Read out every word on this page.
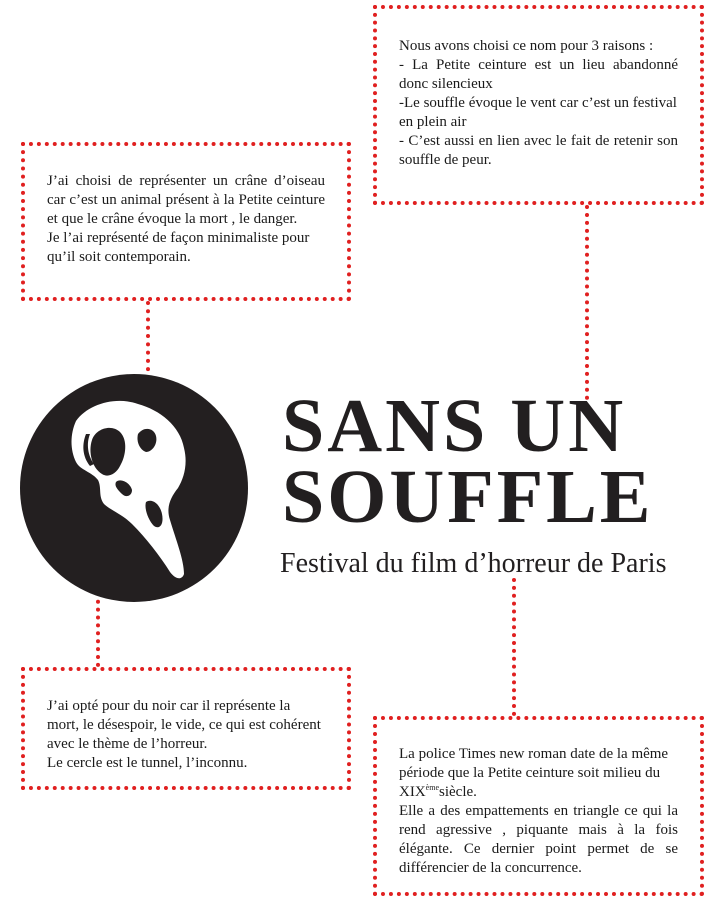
Nous avons choisi ce nom pour 3 raisons :

- La Petite ceinture est un lieu abandonné donc silencieux

-Le souffle évoque le vent car c’est un festival en plein air

- C’est aussi en lien avec le fait de retenir son souffle de peur.

J’ai choisi de représenter un crâne d’oiseau car c’est un animal présent à la Petite ceinture et que le crâne évoque la mort , le danger.

Je l’ai représenté de façon minimaliste pour qu’il soit contemporain.

J’ai opté pour du noir car il représente la mort, le désespoir, le vide, ce qui est cohérent avec le thème de l’horreur.

Le cercle est le tunnel, l’inconnu.

La police Times new roman date de la même période que la Petite ceinture soit milieu du XIXèmesiècle.

Elle a des empattements en triangle ce qui la rend agressive , piquante mais à la fois élégante. Ce dernier point permet de se différencier de la concurrence.

SANS UN
SOUFFLE

Festival du film d’horreur de Paris
